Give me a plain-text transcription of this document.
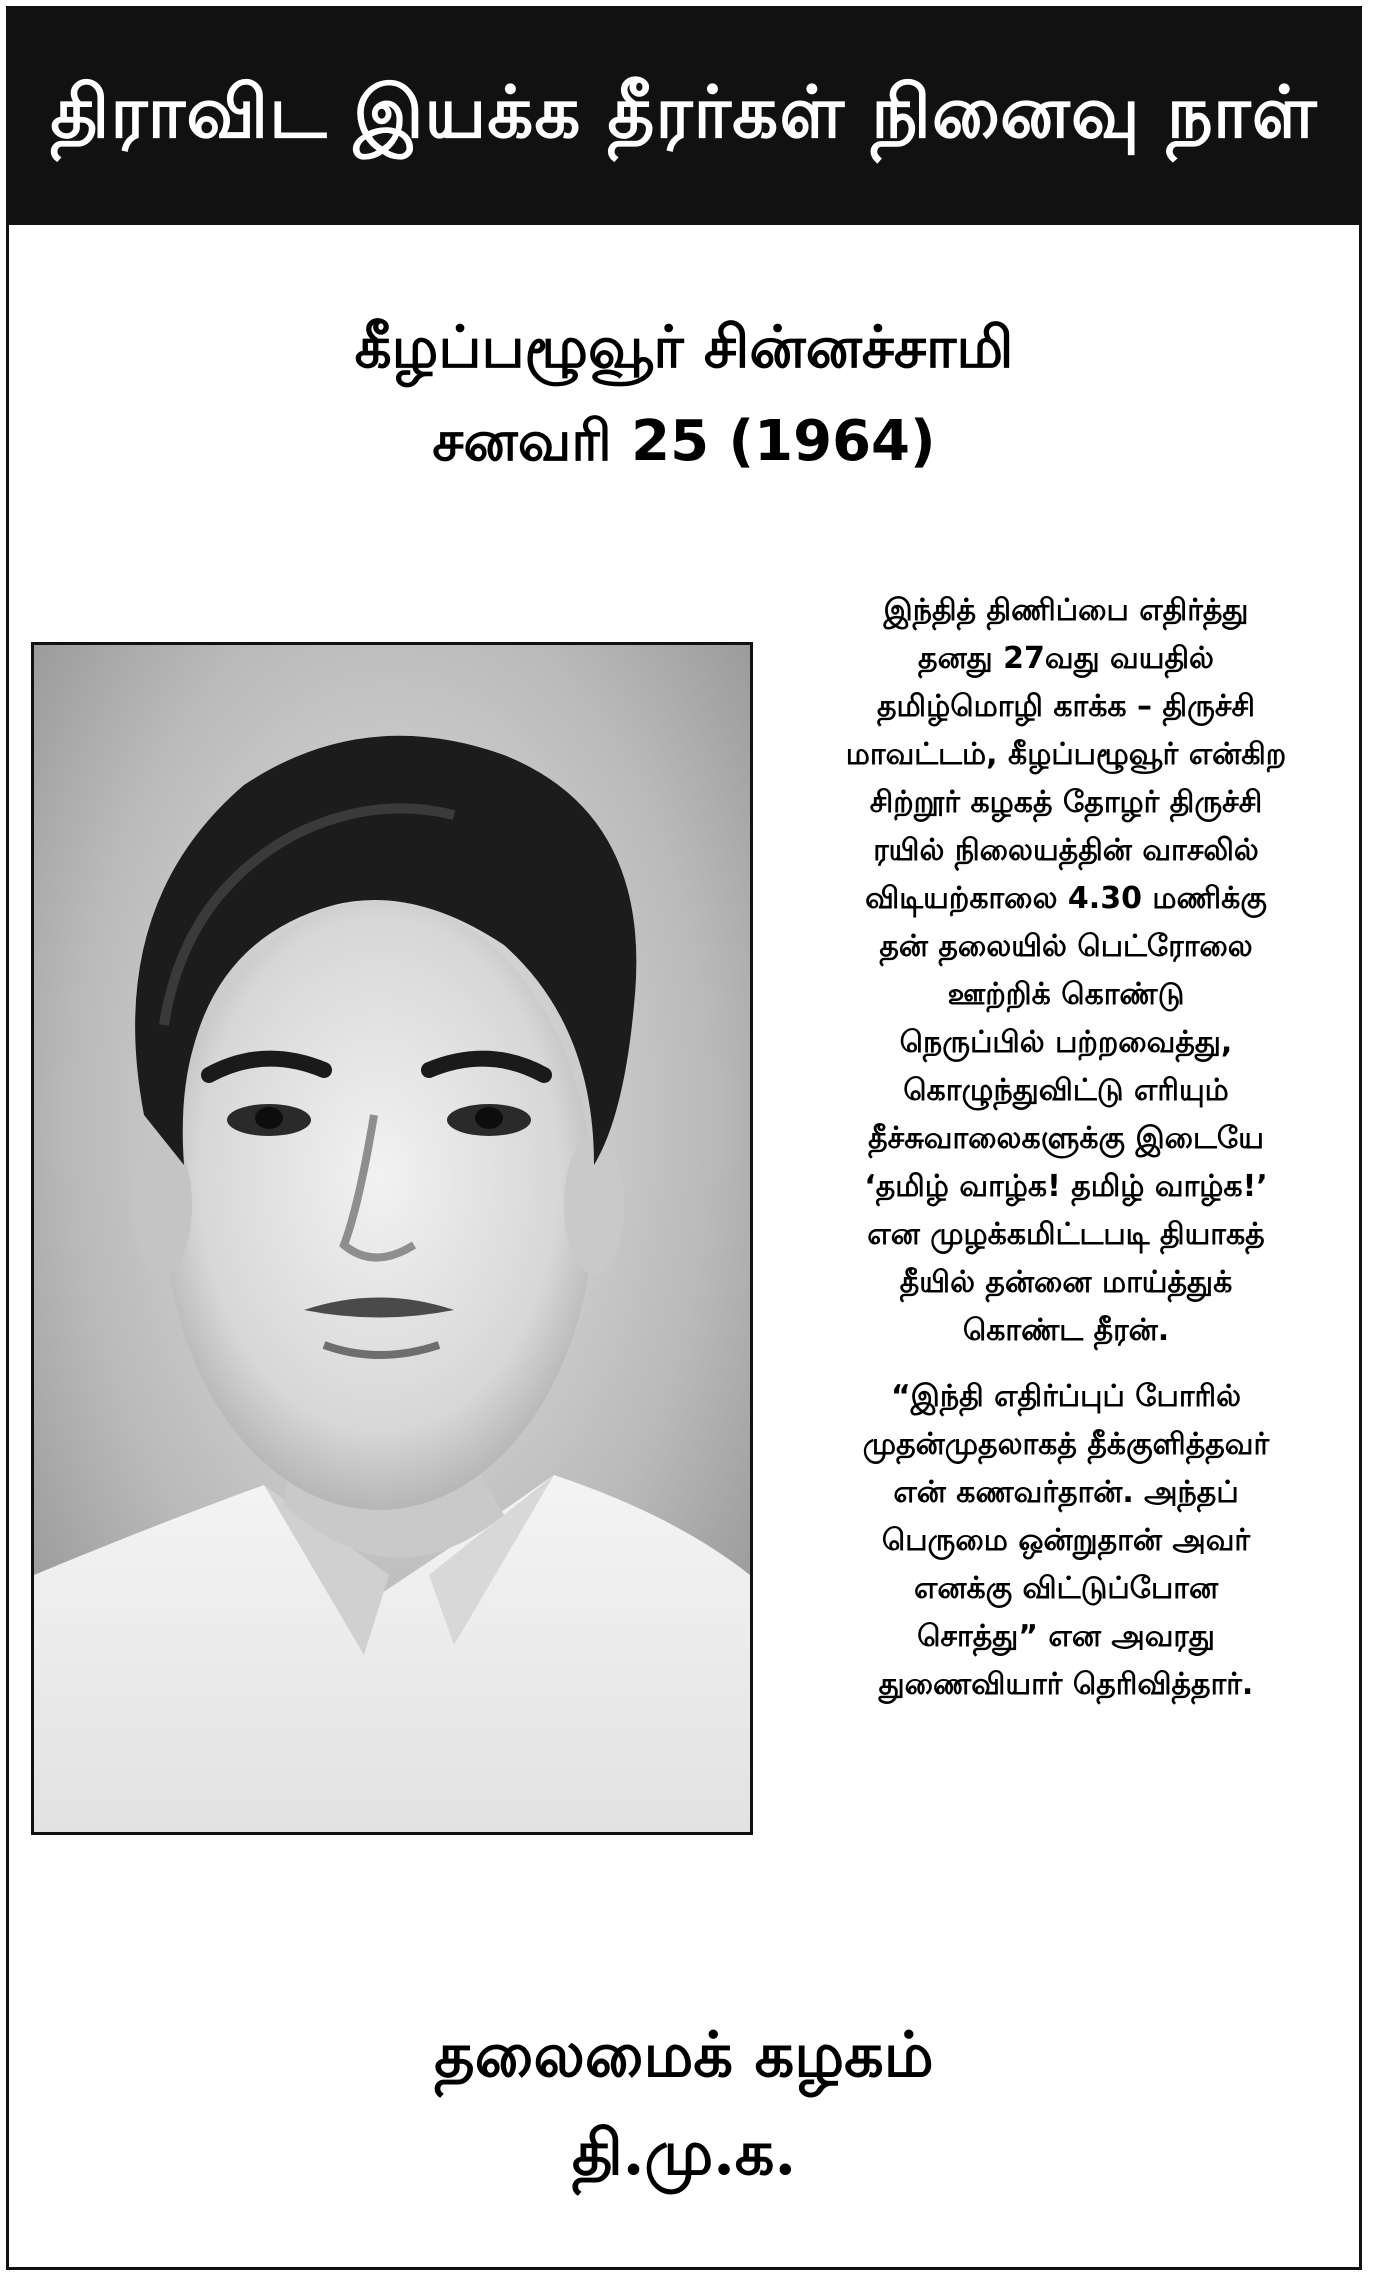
திராவிட இயக்க தீரர்கள் நினைவு நாள்
கீழப்பழூவூர் சின்னச்சாமி
சனவரி 25 (1964)
இந்தித் திணிப்பை எதிர்த்து
தனது 27வது வயதில்
தமிழ்மொழி காக்க – திருச்சி
மாவட்டம், கீழப்பழூவூர் என்கிற
சிற்றூர் கழகத் தோழர் திருச்சி
ரயில் நிலையத்தின் வாசலில்
விடியற்காலை 4.30 மணிக்கு
தன் தலையில் பெட்ரோலை
ஊற்றிக் கொண்டு
நெருப்பில் பற்றவைத்து,
கொழுந்துவிட்டு எரியும்
தீச்சுவாலைகளுக்கு இடையே
‘தமிழ் வாழ்க! தமிழ் வாழ்க!’
என முழக்கமிட்டபடி தியாகத்
தீயில் தன்னை மாய்த்துக்
கொண்ட தீரன்.
“இந்தி எதிர்ப்புப் போரில்
முதன்முதலாகத் தீக்குளித்தவர்
என் கணவர்தான். அந்தப்
பெருமை ஒன்றுதான் அவர்
எனக்கு விட்டுப்போன
சொத்து” என அவரது
துணைவியார் தெரிவித்தார்.
தலைமைக் கழகம்
தி.மு.க.
